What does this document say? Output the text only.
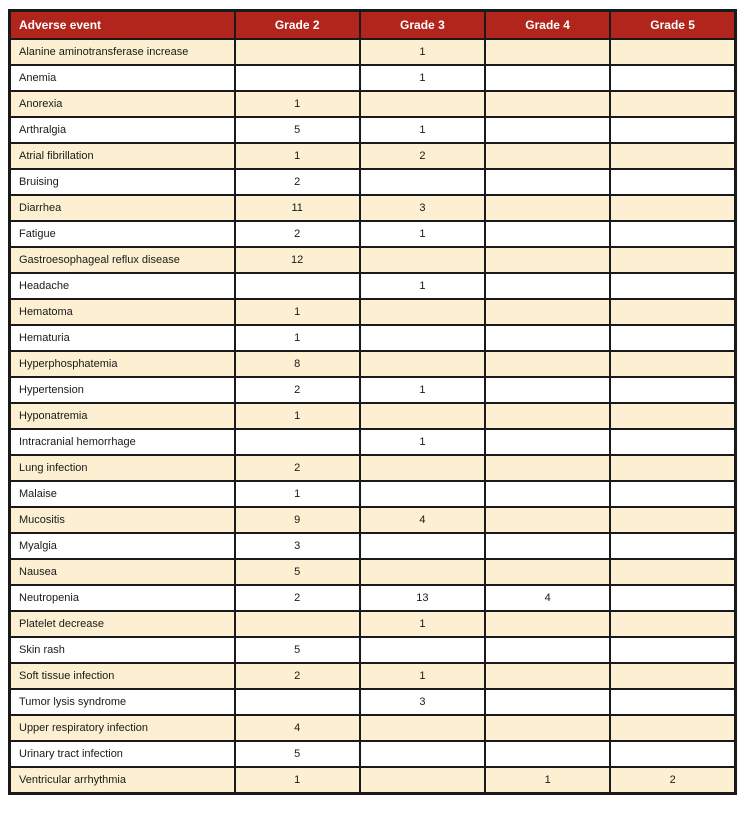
Adverse event	Grade 2	Grade 3	Grade 4	Grade 5
Alanine aminotransferase increase		1		
Anemia		1		
Anorexia	1			
Arthralgia	5	1		
Atrial fibrillation	1	2		
Bruising	2			
Diarrhea	11	3		
Fatigue	2	1		
Gastroesophageal reflux disease	12			
Headache		1		
Hematoma	1			
Hematuria	1			
Hyperphosphatemia	8			
Hypertension	2	1		
Hyponatremia	1			
Intracranial hemorrhage		1		
Lung infection	2			
Malaise	1			
Mucositis	9	4		
Myalgia	3			
Nausea	5			
Neutropenia	2	13	4	
Platelet decrease		1		
Skin rash	5			
Soft tissue infection	2	1		
Tumor lysis syndrome		3		
Upper respiratory infection	4			
Urinary tract infection	5			
Ventricular arrhythmia	1		1	2
